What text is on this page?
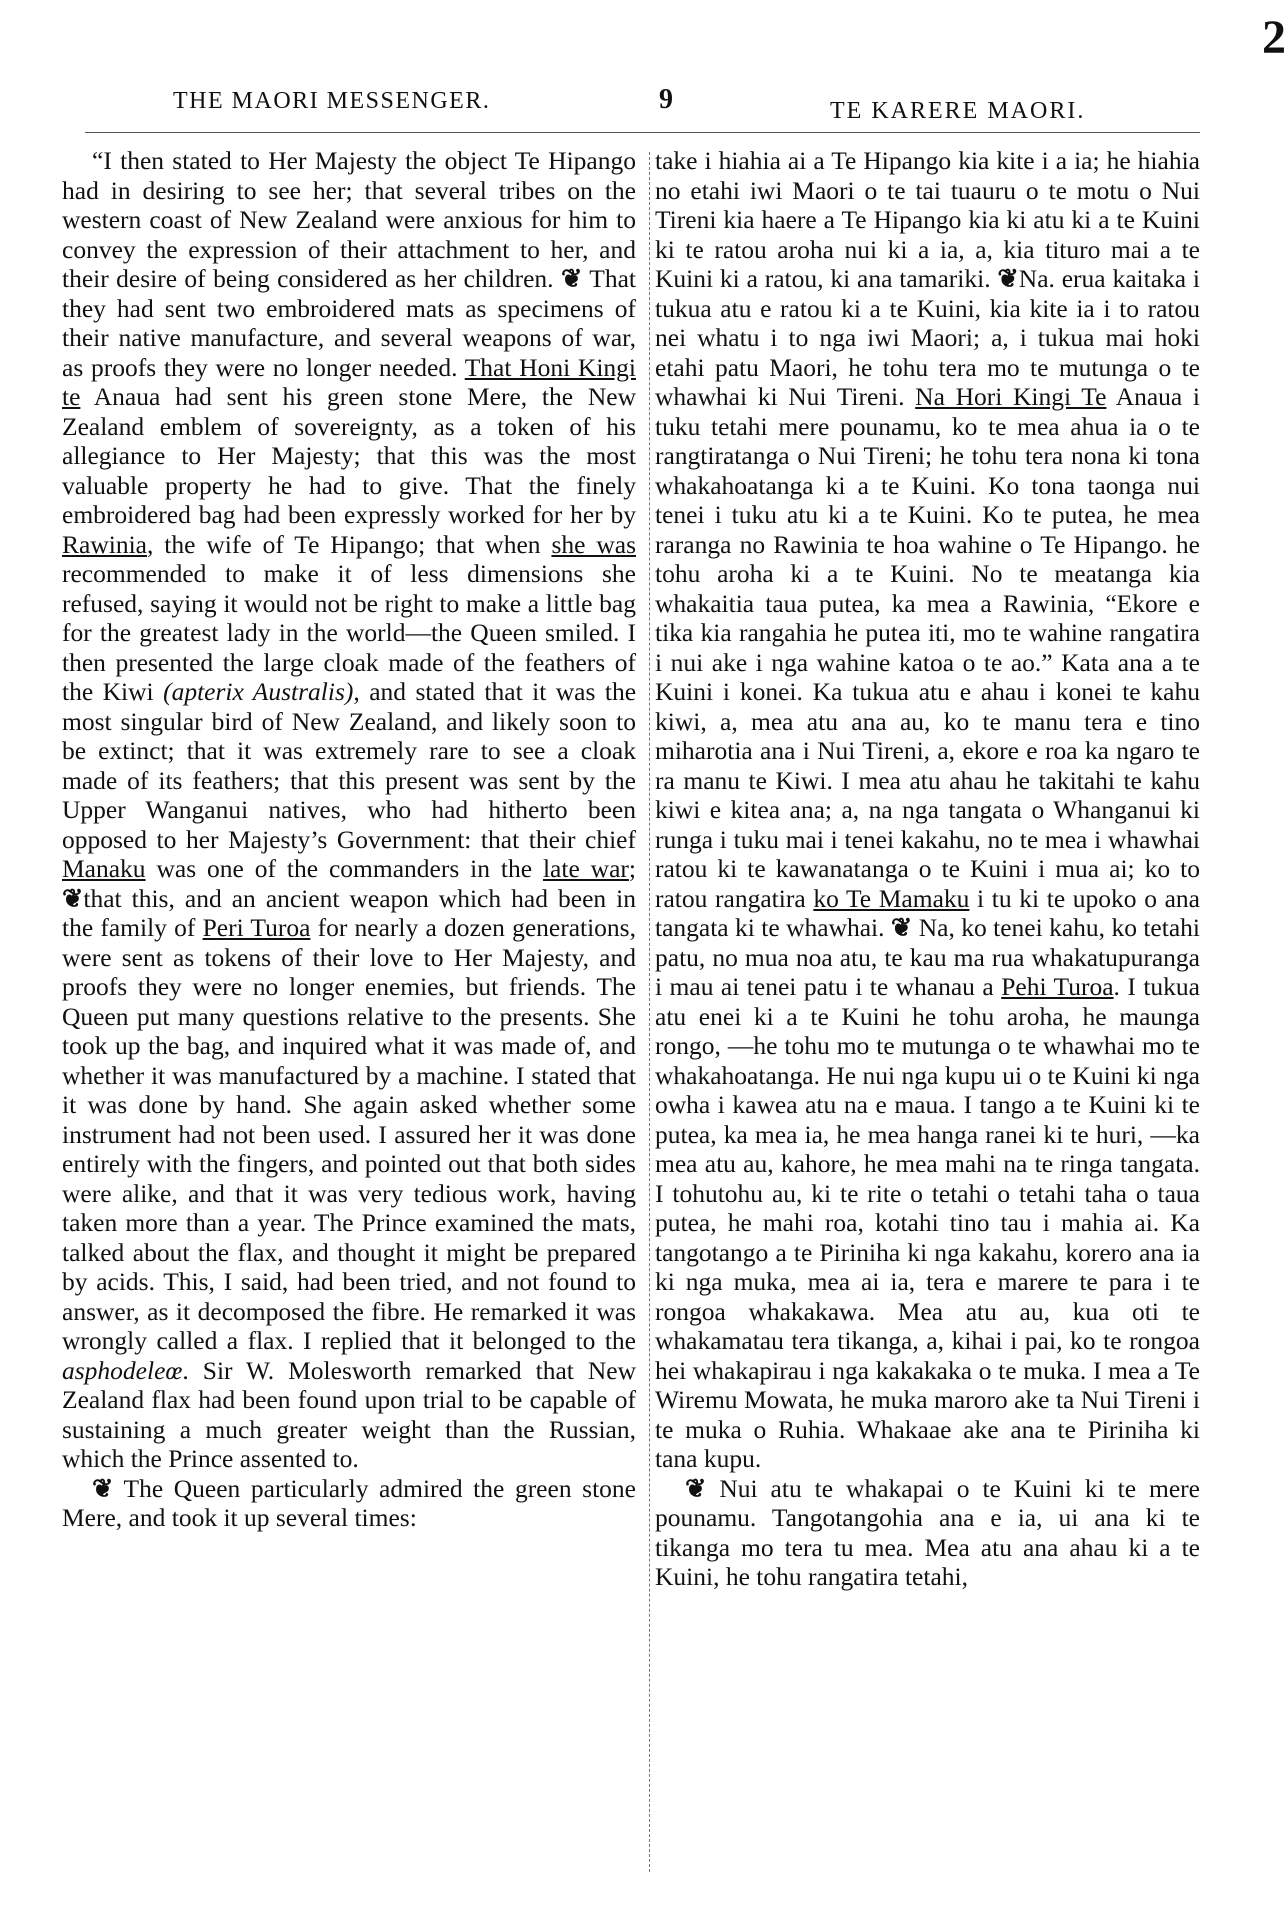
2
THE MAORI MESSENGER.	9	TE KARERE MAORI.

“I then stated to Her Majesty the object Te Hipango had in desiring to see her; that several tribes on the western coast of New Zealand were anxious for him to convey the expression of their attachment to her, and their desire of being considered as her children. ❦ That they had sent two embroidered mats as specimens of their native manufacture, and several weapons of war, as proofs they were no longer needed. That Honi Kingi te Anaua had sent his green stone Mere, the New Zealand emblem of sovereignty, as a token of his allegiance to Her Majesty; that this was the most valuable property he had to give. That the finely embroidered bag had been expressly worked for her by Rawinia, the wife of Te Hipango; that when she was recommended to make it of less dimensions she refused, saying it would not be right to make a little bag for the greatest lady in the world—the Queen smiled. I then presented the large cloak made of the feathers of the Kiwi (apterix Australis), and stated that it was the most singular bird of New Zealand, and likely soon to be extinct; that it was extremely rare to see a cloak made of its feathers; that this present was sent by the Upper Wanganui natives, who had hitherto been opposed to her Majesty’s Government: that their chief Manaku was one of the commanders in the late war; ❦that this, and an ancient weapon which had been in the family of Peri Turoa for nearly a dozen generations, were sent as tokens of their love to Her Majesty, and proofs they were no longer enemies, but friends. The Queen put many questions relative to the presents. She took up the bag, and inquired what it was made of, and whether it was manufactured by a machine. I stated that it was done by hand. She again asked whether some instrument had not been used. I assured her it was done entirely with the fingers, and pointed out that both sides were alike, and that it was very tedious work, having taken more than a year. The Prince examined the mats, talked about the flax, and thought it might be prepared by acids. This, I said, had been tried, and not found to answer, as it decomposed the fibre. He remarked it was wrongly called a flax. I replied that it belonged to the asphodeleœ. Sir W. Molesworth remarked that New Zealand flax had been found upon trial to be capable of sustaining a much greater weight than the Russian, which the Prince assented to.

❦ The Queen particularly admired the green stone Mere, and took it up several times:

take i hiahia ai a Te Hipango kia kite i a ia; he hiahia no etahi iwi Maori o te tai tuauru o te motu o Nui Tireni kia haere a Te Hipango kia ki atu ki a te Kuini ki te ratou aroha nui ki a ia, a, kia tituro mai a te Kuini ki a ratou, ki ana tamariki. ❦Na. erua kaitaka i tukua atu e ratou ki a te Kuini, kia kite ia i to ratou nei whatu i to nga iwi Maori; a, i tukua mai hoki etahi patu Maori, he tohu tera mo te mutunga o te whawhai ki Nui Tireni. Na Hori Kingi Te Anaua i tuku tetahi mere pounamu, ko te mea ahua ia o te rangtiratanga o Nui Tireni; he tohu tera nona ki tona whakahoatanga ki a te Kuini. Ko tona taonga nui tenei i tuku atu ki a te Kuini. Ko te putea, he mea raranga no Rawinia te hoa wahine o Te Hipango. he tohu aroha ki a te Kuini. No te meatanga kia whakaitia taua putea, ka mea a Rawinia, “Ekore e tika kia rangahia he putea iti, mo te wahine rangatira i nui ake i nga wahine katoa o te ao.” Kata ana a te Kuini i konei. Ka tukua atu e ahau i konei te kahu kiwi, a, mea atu ana au, ko te manu tera e tino miharotia ana i Nui Tireni, a, ekore e roa ka ngaro te ra manu te Kiwi. I mea atu ahau he takitahi te kahu kiwi e kitea ana; a, na nga tangata o Whanganui ki runga i tuku mai i tenei kakahu, no te mea i whawhai ratou ki te kawanatanga o te Kuini i mua ai; ko to ratou rangatira ko Te Mamaku i tu ki te upoko o ana tangata ki te whawhai. ❦ Na, ko tenei kahu, ko tetahi patu, no mua noa atu, te kau ma rua whakatupuranga i mau ai tenei patu i te whanau a Pehi Turoa. I tukua atu enei ki a te Kuini he tohu aroha, he maunga rongo, —he tohu mo te mutunga o te whawhai mo te whakahoatanga. He nui nga kupu ui o te Kuini ki nga owha i kawea atu na e maua. I tango a te Kuini ki te putea, ka mea ia, he mea hanga ranei ki te huri, —ka mea atu au, kahore, he mea mahi na te ringa tangata. I tohutohu au, ki te rite o tetahi o tetahi taha o taua putea, he mahi roa, kotahi tino tau i mahia ai. Ka tangotango a te Piriniha ki nga kakahu, korero ana ia ki nga muka, mea ai ia, tera e marere te para i te rongoa whakakawa. Mea atu au, kua oti te whakamatau tera tikanga, a, kihai i pai, ko te rongoa hei whakapirau i nga kakakaka o te muka. I mea a Te Wiremu Mowata, he muka maroro ake ta Nui Tireni i te muka o Ruhia. Whakaae ake ana te Piriniha ki tana kupu.

❦ Nui atu te whakapai o te Kuini ki te mere pounamu. Tangotangohia ana e ia, ui ana ki te tikanga mo tera tu mea. Mea atu ana ahau ki a te Kuini, he tohu rangatira tetahi,
